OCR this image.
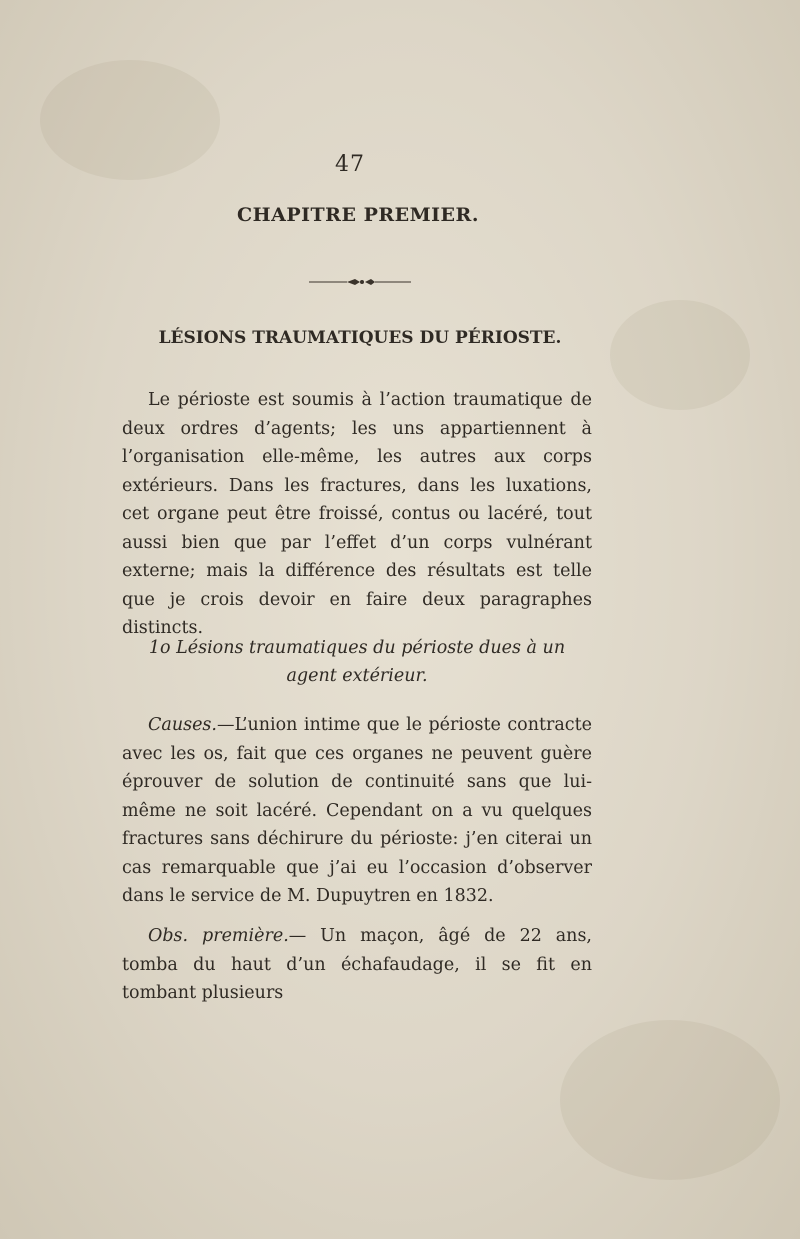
47
CHAPITRE PREMIER.
LÉSIONS TRAUMATIQUES DU PÉRIOSTE.

Le périoste est soumis à l’action traumatique de deux ordres d’agents; les uns appartiennent à l’organisation elle-même, les autres aux corps extérieurs. Dans les fractures, dans les luxations, cet organe peut être froissé, contus ou lacéré, tout aussi bien que par l’effet d’un corps vulnérant externe; mais la différence des résultats est telle que je crois devoir en faire deux paragraphes distincts.

1o Lésions traumatiques du périoste dues à un agent extérieur.

Causes.—L’union intime que le périoste contracte avec les os, fait que ces organes ne peuvent guère éprouver de solution de continuité sans que lui-même ne soit lacéré. Cependant on a vu quelques fractures sans déchirure du périoste: j’en citerai un cas remarquable que j’ai eu l’occasion d’observer dans le service de M. Dupuytren en 1832.

Obs. première.— Un maçon, âgé de 22 ans, tomba du haut d’un échafaudage, il se fit en tombant plusieurs
